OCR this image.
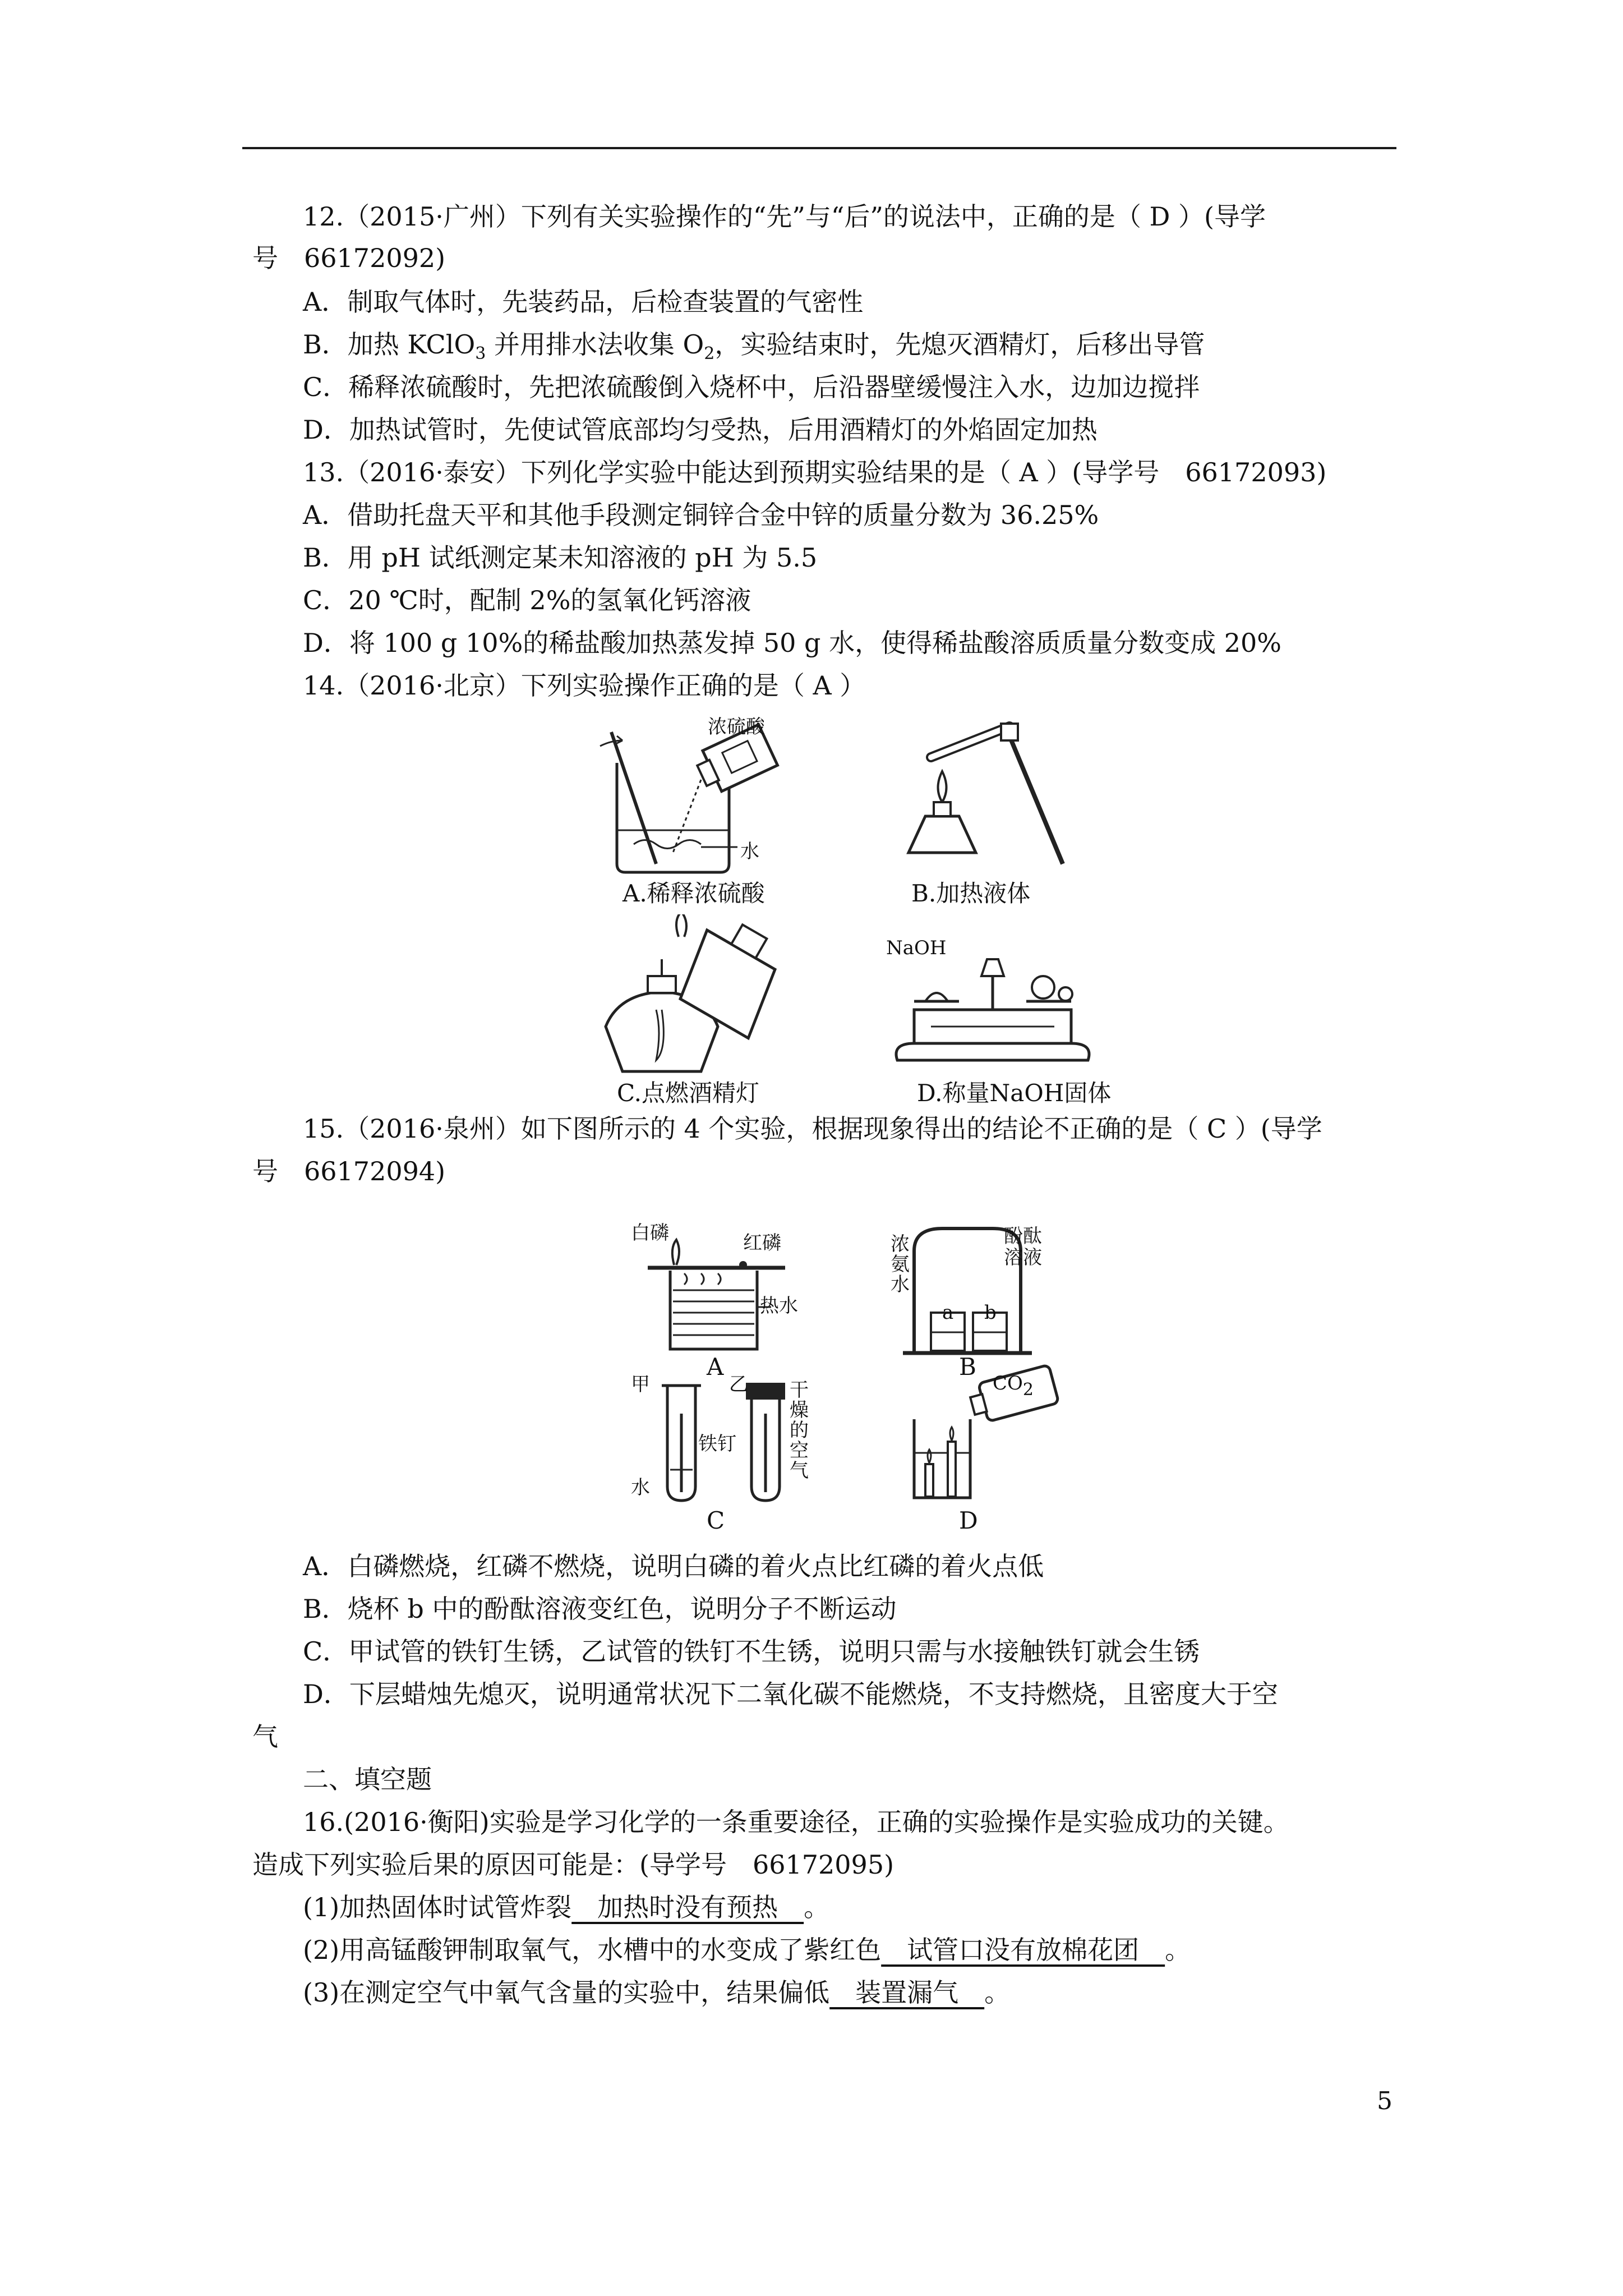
12.（2015·广州）下列有关实验操作的“先”与“后”的说法中，正确的是（ D ）(导学
号　66172092)
A．制取气体时，先装药品，后检查装置的气密性
B．加热 KClO$_3$ 并用排水法收集 $O_2$，实验结束时，先熄灭酒精灯，后移出导管
C．稀释浓硫酸时，先把浓硫酸倒入烧杯中，后沿器壁缓慢注入水，边加边搅拌
D．加热试管时，先使试管底部均匀受热，后用酒精灯的外焰固定加热
13.（2016·泰安）下列化学实验中能达到预期实验结果的是（ A ）(导学号　66172093)
A．借助托盘天平和其他手段测定铜锌合金中锌的质量分数为 36.25%
B．用 pH 试纸测定某未知溶液的 pH 为 5.5
C．20 ℃时，配制 2%的氢氧化钙溶液
D．将 100 g 10%的稀盐酸加热蒸发掉 50 g 水，使得稀盐酸溶质质量分数变成 20%
14.（2016·北京）下列实验操作正确的是（ A ）
浓硫酸
水
A.稀释浓硫酸	B.加热液体
C.点燃酒精灯
NaOH
D.称量NaOH固体
15.（2016·泉州）如下图所示的 4 个实验，根据现象得出的结论不正确的是（ C ）(导学
号　66172094)
白磷	红磷
热水
A
浓
氨
水
酚酞
溶液
a b
B
甲	乙 干
燥
的
空
气
铁钉
水
C
CO2
D
A．白磷燃烧，红磷不燃烧，说明白磷的着火点比红磷的着火点低
B．烧杯 b 中的酚酞溶液变红色，说明分子不断运动
C．甲试管的铁钉生锈，乙试管的铁钉不生锈，说明只需与水接触铁钉就会生锈
D．下层蜡烛先熄灭，说明通常状况下二氧化碳不能燃烧，不支持燃烧，且密度大于空
气
二、填空题
16.(2016·衡阳)实验是学习化学的一条重要途径，正确的实验操作是实验成功的关键。
造成下列实验后果的原因可能是：(导学号　66172095)
(1)加热固体时试管炸裂　加热时没有预热　。
(2)用高锰酸钾制取氧气，水槽中的水变成了紫红色　试管口没有放棉花团　。
(3)在测定空气中氧气含量的实验中，结果偏低　装置漏气　。
5
